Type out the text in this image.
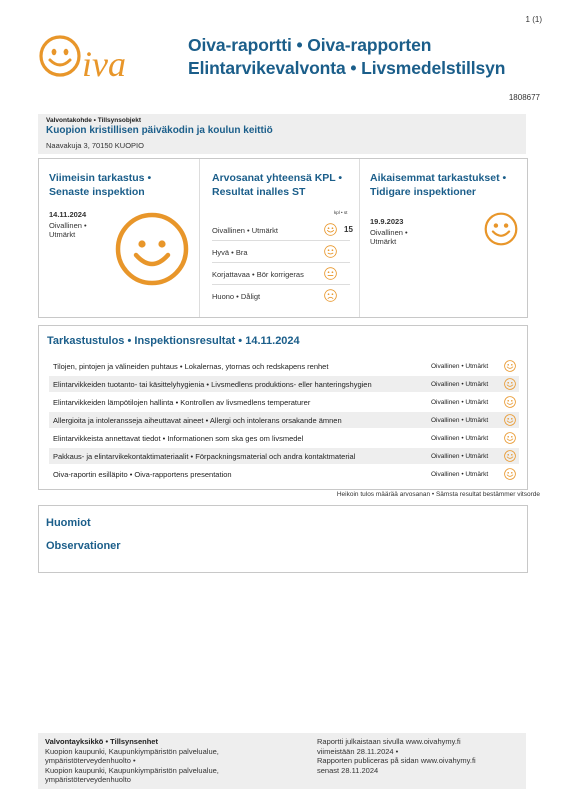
1 (1)
iva	Oiva-raportti • Oiva-rapporten
Elintarvikevalvonta • Livsmedelstillsyn
1808677
Valvontakohde • Tillsynsobjekt
Kuopion kristillisen päiväkodin ja koulun keittiö
Naavakuja 3, 70150 KUOPIO
Viimeisin tarkastus •
Senaste inspektion
14.11.2024
Oivallinen •
Utmärkt
Arvosanat yhteensä KPL •
Resultat inalles ST
kpl • st
Oivallinen • Utmärkt	15
Hyvä • Bra
Korjattavaa • Bör korrigeras
Huono • Dåligt
Aikaisemmat tarkastukset •
Tidigare inspektioner
19.9.2023
Oivallinen •
Utmärkt
Tarkastustulos • Inspektionsresultat • 14.11.2024
Tilojen, pintojen ja välineiden puhtaus • Lokalernas, ytornas och redskapens renhet	Oivallinen • Utmärkt
Elintarvikkeiden tuotanto- tai käsittelyhygienia • Livsmedlens produktions- eller hanteringshygien	Oivallinen • Utmärkt
Elintarvikkeiden lämpötilojen hallinta • Kontrollen av livsmedlens temperaturer	Oivallinen • Utmärkt
Allergioita ja intoleransseja aiheuttavat aineet • Allergi och intolerans orsakande ämnen	Oivallinen • Utmärkt
Elintarvikkeista annettavat tiedot • Informationen som ska ges om livsmedel	Oivallinen • Utmärkt
Pakkaus- ja elintarvikekontaktimateriaalit • Förpackningsmaterial och andra kontaktmaterial	Oivallinen • Utmärkt
Oiva-raportin esilläpito • Oiva-rapportens presentation	Oivallinen • Utmärkt
Heikoin tulos määrää arvosanan • Sämsta resultat bestämmer vitsorde
Huomiot
Observationer
Valvontayksikkö • Tillsynsenhet
Kuopion kaupunki, Kaupunkiympäristön palvelualue,
ympäristöterveydenhuolto •
Kuopion kaupunki, Kaupunkiympäristön palvelualue,
ympäristöterveydenhuolto
Raportti julkaistaan sivulla www.oivahymy.fi
viimeistään 28.11.2024 •
Rapporten publiceras på sidan www.oivahymy.fi
senast 28.11.2024
